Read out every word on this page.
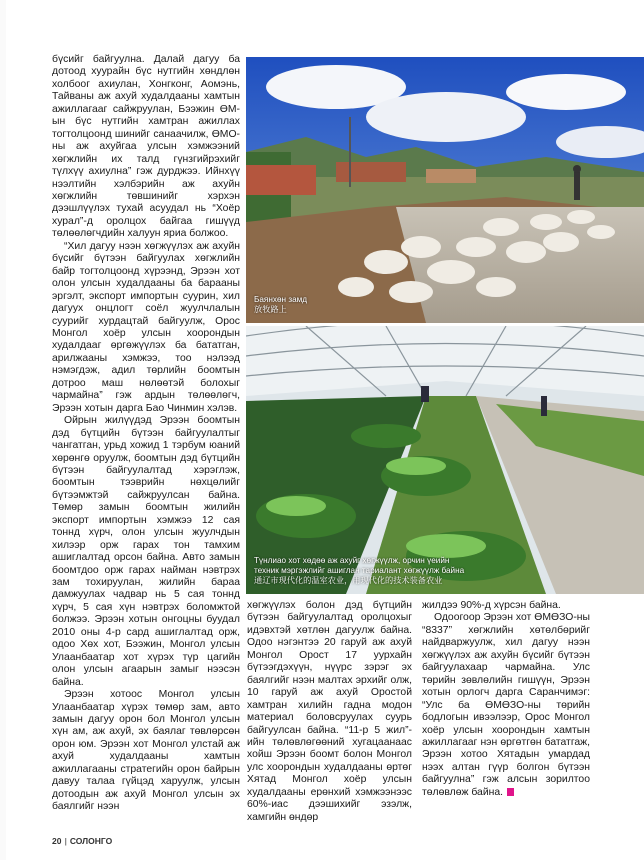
бүсийг байгуулна. Далай дагуу ба дотоод хуурайн бүс нутгийн хөндлөн холбоог ахиулан, Хонгконг, Аомэнь, Тайваны аж ахуй худалдааны хамтын ажиллагааг сайжруулан, Бээжин ӨМ-ын бүс нутгийн хамтран ажиллах тогтолцоонд шинийг санаачилж, ӨМО-ны аж ахуйгаа улсын хэмжээний хөгжлийн их талд гүнзгийрэхийг түлхүү ахиулна” гэж дурджээ. Ийнхүү нээлтийн хэлбэрийн аж ахуйн хөгжлийн төвшинийг хэрхэн дээшлүүлэх тухай асуудал нь “Хоёр хурал”-д оролцох байгаа гишүүд төлөөлөгчдийн халуун яриа болжоо.

“Хил дагуу нээн хөгжүүлэх аж ахуйн бүсийг бүтээн байгуулах хөгжлийн байр тогтолцоонд хүрээнд, Эрээн хот олон улсын худалдааны ба барааны эргэлт, экспорт импортын суурин, хил дагуух онцлогт соёл жуулчлалын суурийг хурдацтай байгуулж, Орос Монгол хоёр улсын хоорондын худалдааг өргөжүүлэх ба бататган, арилжааны хэмжээ, тоо нэлээд нэмэгдэж, адил төрлийн боомтын дотроо маш нөлөөтэй болохыг чармайна” гэж ардын төлөөлөгч, Эрээн хотын дарга Бао Чинмин хэлэв.

Ойрын жилүүдэд Эрээн боомтын дэд бүтцийн бүтээн байгуулалтыг чангатган, урьд хожид 1 тэрбум юаний хөрөнгө оруулж, боомтын дэд бүтцийн бүтээн байгуулалтад хэрэглэж, боомтын тээврийн нөхцөлийг бүтээмжтэй сайжруулсан байна. Төмөр замын боомтын жилийн экспорт импортын хэмжээ 12 сая тоннд хүрч, олон улсын жуулчдын хилээр орж гарах тон тамхим ашиглалтад орсон байна. Авто замын боомтдоо орж гарах найман нэвтрэх зам тохируулан, жилийн бараа дамжуулах чадвар нь 5 сая тоннд хүрч, 5 сая хүн нэвтрэх боломжтой болжээ. Эрээн хотын онгоцны буудал 2010 оны 4-р сард ашиглалтад орж, одоо Хөх хот, Бээжин, Монгол улсын Улаанбаатар хот хүрэх түр цагийн олон улсын агаарын замыг нээсэн байна.

Эрээн хотоос Монгол улсын Улаанбаатар хүрэх төмөр зам, авто замын дагуу орон бол Монгол улсын хүн ам, аж ахуй, эх баялаг төвлөрсөн орон юм. Эрээн хот Монгол улстай аж ахуй худалдааны хамтын ажиллагааны стратегийн орон байрын давуу талаа гүйцэд харуулж, улсын дотоодын аж ахуй Монгол улсын эх баялгийг нээн

Баянхөн замд
放牧路上
Түнлиао хот хөдөө аж ахуйг хөгжүүлж, орчин үеийн
техник мэргэжлийг ашиглан тариалант хөгжүүлж байна
通辽市现代化的温室农业，用现代化的技术装备农业

хөгжүүлэх болон дэд бүтцийн бүтээн байгуулалтад оролцохыг идэвхтэй хөтлөн дагуулж байна. Одоо нэгэнтээ 20 гаруй аж ахуй Монгол Орост 17 уурхайн бүтээгдэхүүн, нүүрс зэрэг эх баялгийг нээн малтах эрхийг олж, 10 гаруй аж ахуй Оростой хамтран хилийн гадна модон материал боловсруулах суурь байгуулсан байна. “11-р 5 жил”-ийн төлөвлөгөөний хугацаанаас хойш Эрээн боомт болон Монгол улс хоорондын худалдааны өртөг Хятад Монгол хоёр улсын худалдааны ерөнхий хэмжээнээс 60%-иас дээшихийг эзэлж, хамгийн өндөр

жилдээ 90%-д хүрсэн байна.

Одоогоор Эрээн хот ӨМӨЗО-ны “8337” хөгжлийн хөтөлбөрийг найдваржуулж, хил дагуу нээн хөгжүүлэх аж ахуйн бүсийг бүтээн байгуулахаар чармайна. Улс төрийн зөвлөлийн гишүүн, Эрээн хотын орлогч дарга Саранчимэг: “Улс ба ӨМӨЗО-ны төрийн бодлогын ивээлээр, Орос Монгол хоёр улсын хоорондын хамтын ажиллагааг нэн өргөтгөн бататгаж, Эрээн хотоо Хятадын умардад нээх алтан гүүр болгон бүтээн байгуулна” гэж алсын зорилтоо төлөвлөж байна.

20 | СОЛОНГО
